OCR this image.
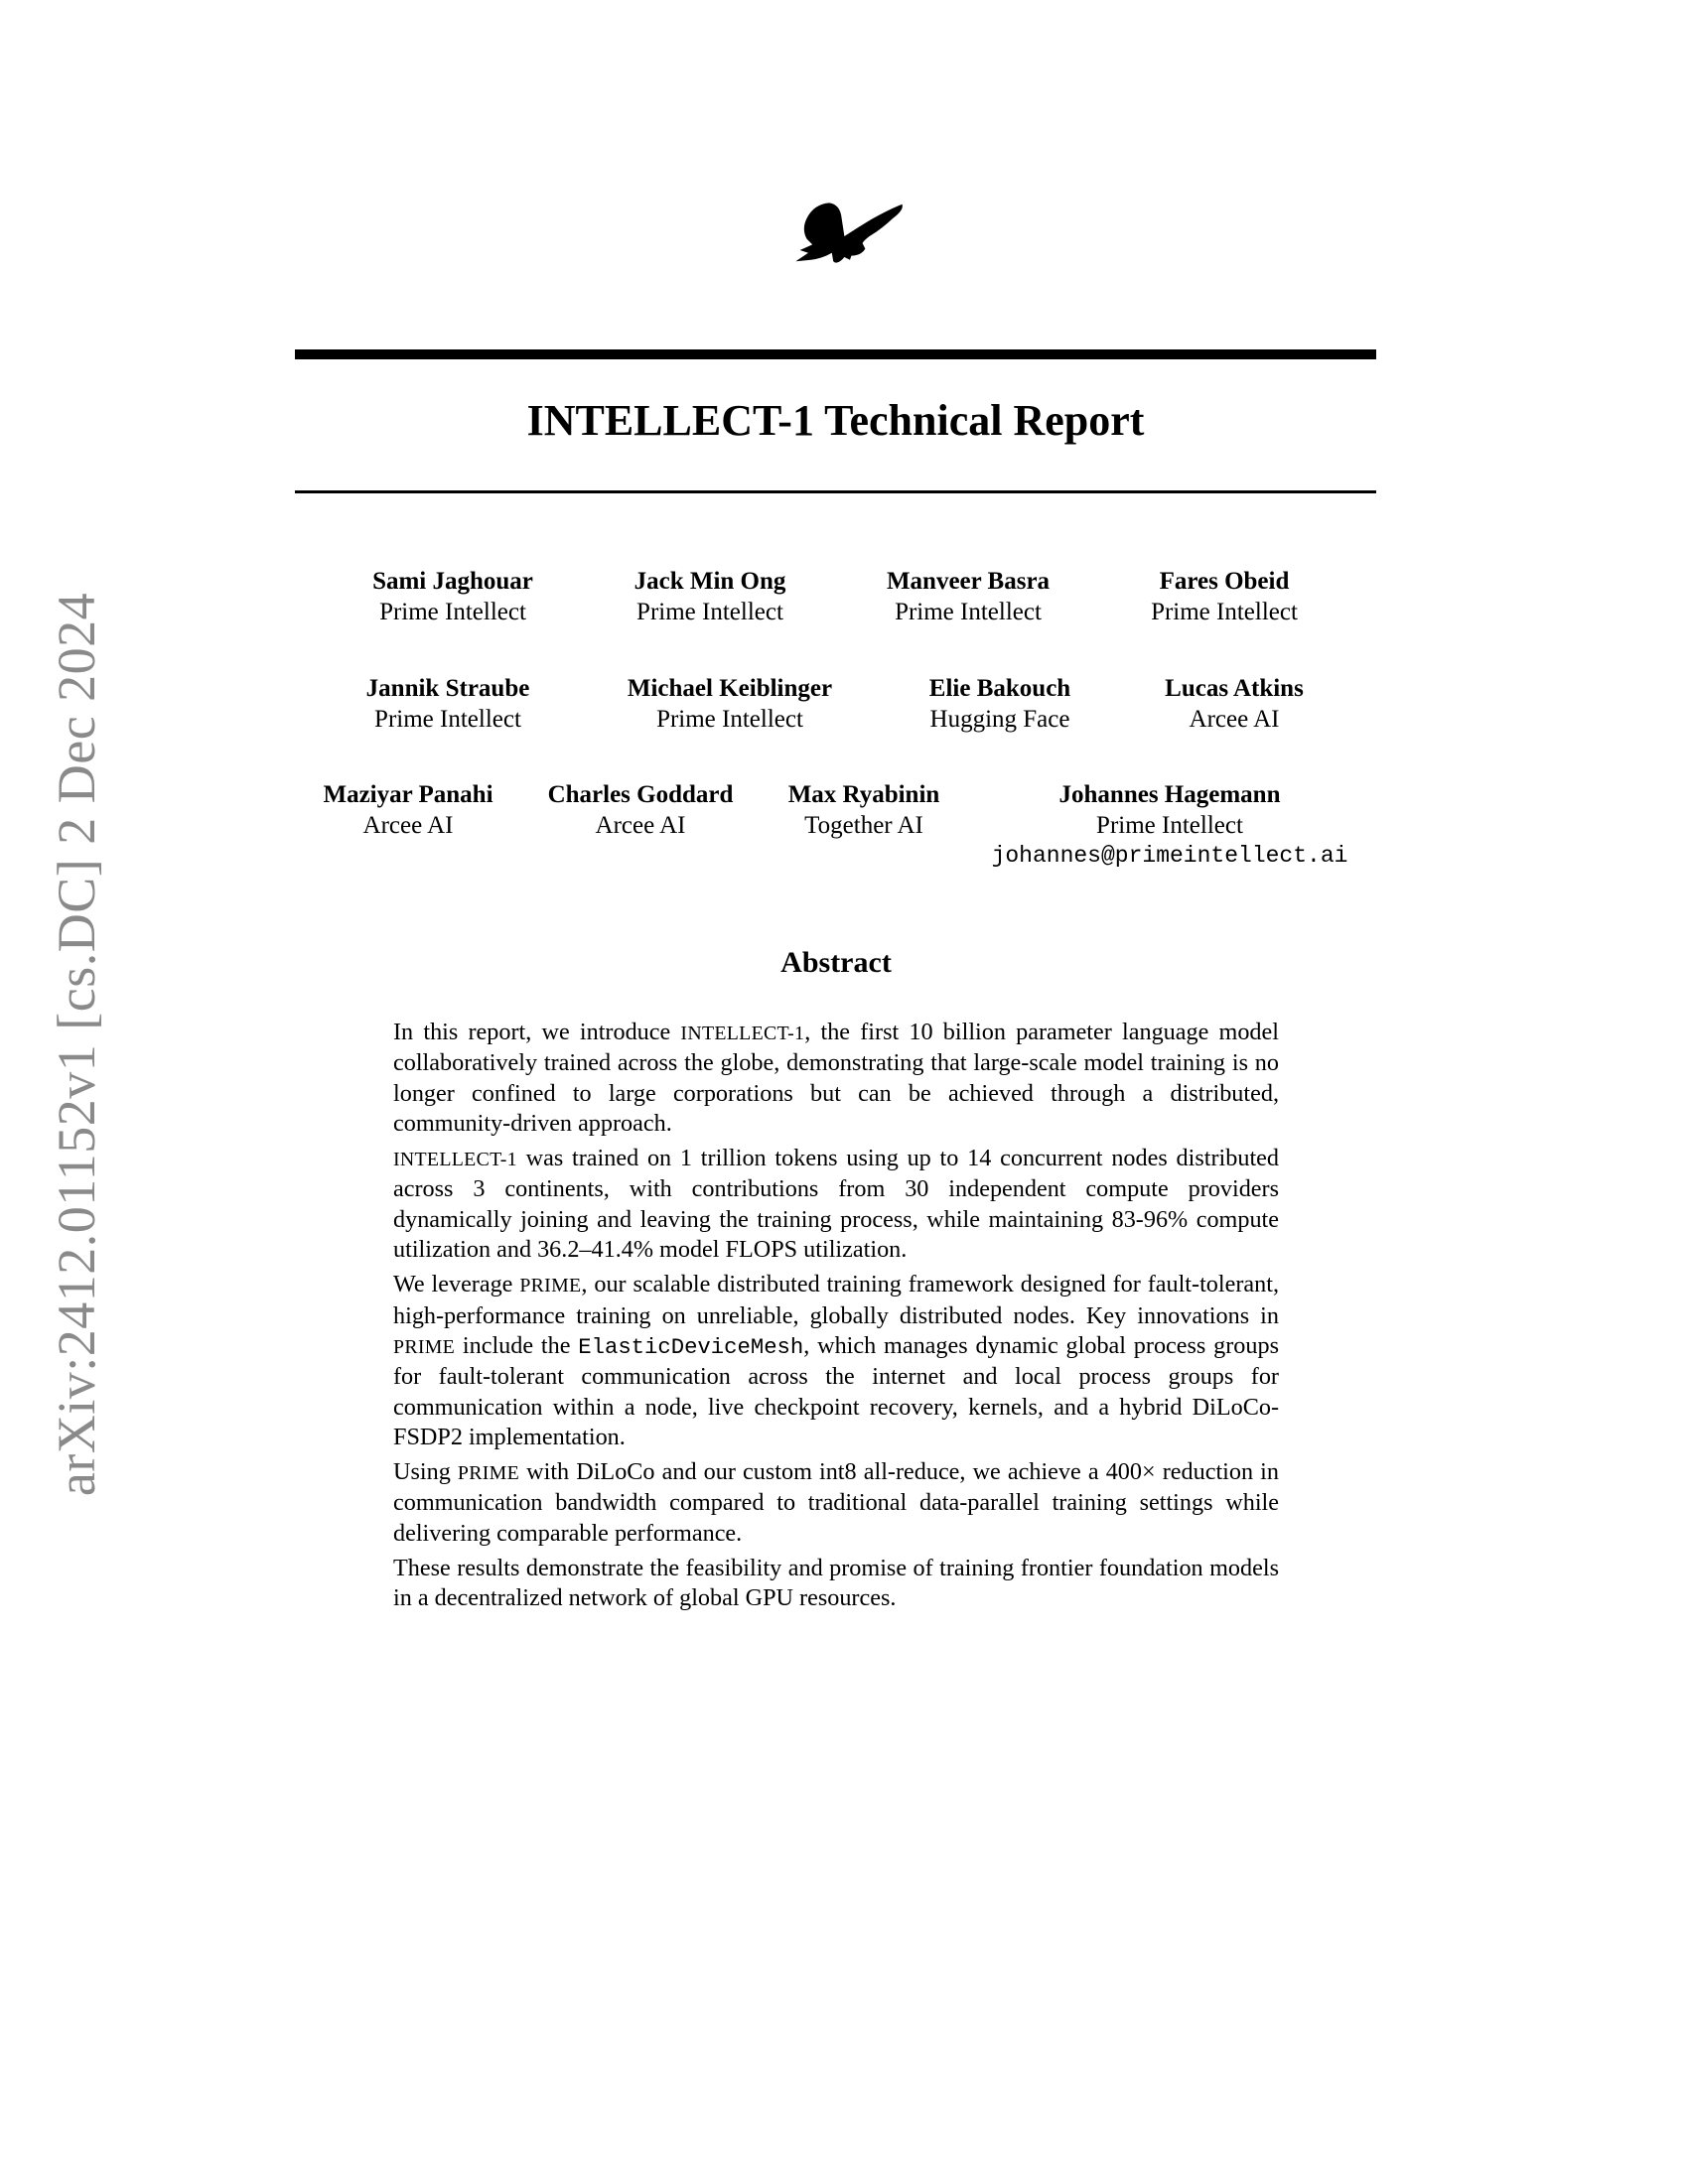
arXiv:2412.01152v1 [cs.DC] 2 Dec 2024
INTELLECT-1 Technical Report
Sami Jaghouar
Prime Intellect
Jack Min Ong
Prime Intellect
Manveer Basra
Prime Intellect
Fares Obeid
Prime Intellect
Jannik Straube
Prime Intellect
Michael Keiblinger
Prime Intellect
Elie Bakouch
Hugging Face
Lucas Atkins
Arcee AI
Maziyar Panahi
Arcee AI
Charles Goddard
Arcee AI
Max Ryabinin
Together AI
Johannes Hagemann
Prime Intellect
johannes@primeintellect.ai
Abstract

In this report, we introduce INTELLECT-1, the first 10 billion parameter language model collaboratively trained across the globe, demonstrating that large-scale model training is no longer confined to large corporations but can be achieved through a distributed, community-driven approach.

INTELLECT-1 was trained on 1 trillion tokens using up to 14 concurrent nodes distributed across 3 continents, with contributions from 30 independent compute providers dynamically joining and leaving the training process, while maintaining 83-96% compute utilization and 36.2–41.4% model FLOPS utilization.

We leverage PRIME, our scalable distributed training framework designed for fault-tolerant, high-performance training on unreliable, globally distributed nodes. Key innovations in PRIME include the ElasticDeviceMesh, which manages dynamic global process groups for fault-tolerant communication across the internet and local process groups for communication within a node, live checkpoint recovery, kernels, and a hybrid DiLoCo-FSDP2 implementation.

Using PRIME with DiLoCo and our custom int8 all-reduce, we achieve a 400× reduction in communication bandwidth compared to traditional data-parallel training settings while delivering comparable performance.

These results demonstrate the feasibility and promise of training frontier foundation models in a decentralized network of global GPU resources.
